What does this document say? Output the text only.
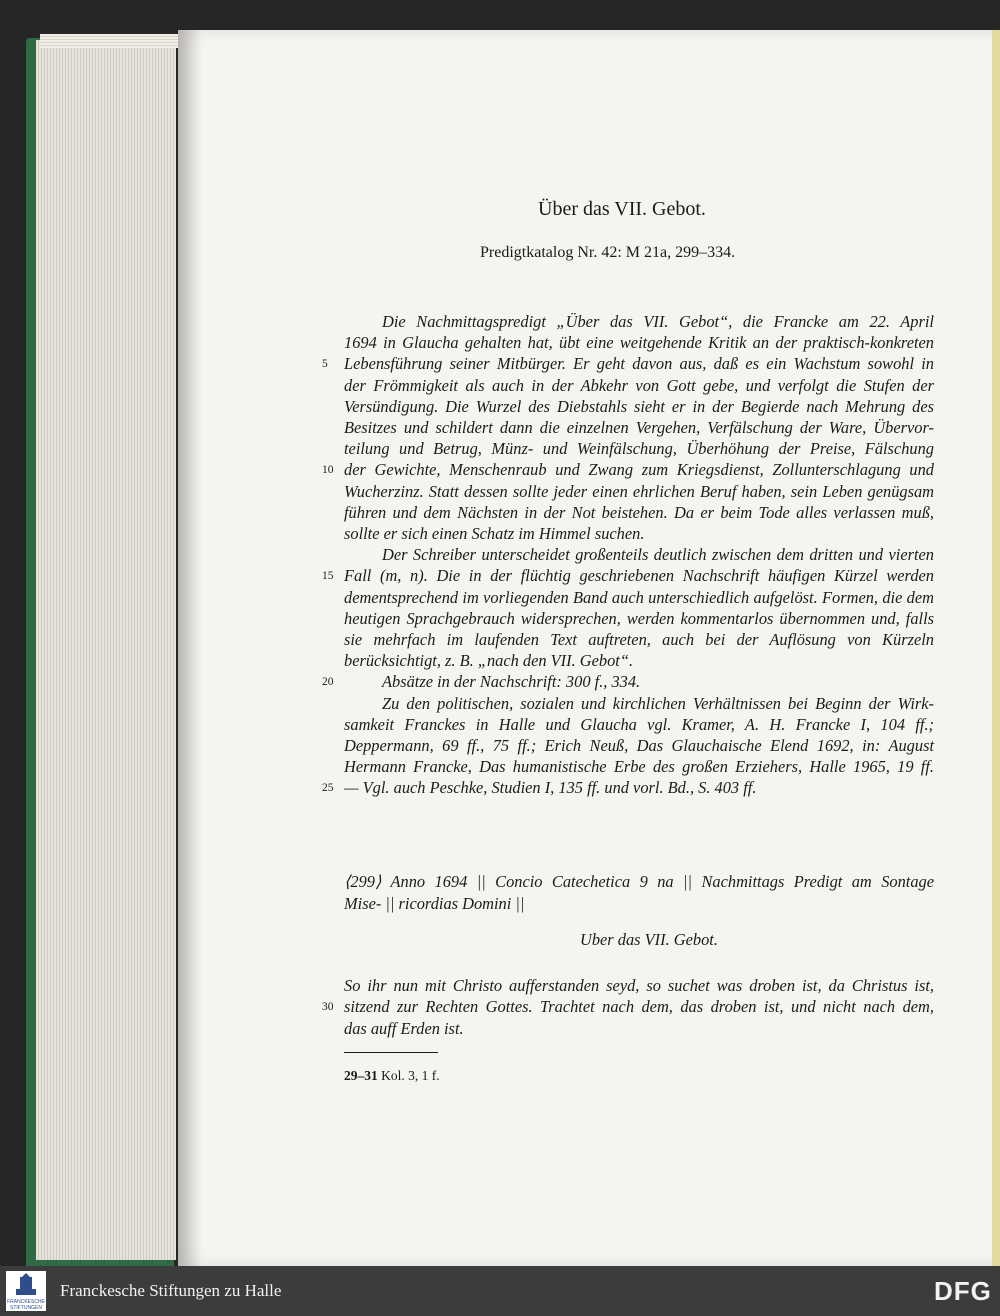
Über das VII. Gebot.
Predigtkatalog Nr. 42: M 21a, 299–334.
Die Nachmittagspredigt „Über das VII. Gebot“, die Francke am 22. April
1694 in Glaucha gehalten hat, übt eine weitgehende Kritik an der praktisch-konkreten
Lebensführung seiner Mitbürger. Er geht davon aus, daß es ein Wachstum sowohl in
5
der Frömmigkeit als auch in der Abkehr von Gott gebe, und verfolgt die Stufen der
Versündigung. Die Wurzel des Diebstahls sieht er in der Begierde nach Mehrung des
Besitzes und schildert dann die einzelnen Vergehen, Verfälschung der Ware, Übervor-
teilung und Betrug, Münz- und Weinfälschung, Überhöhung der Preise, Fälschung
der Gewichte, Menschenraub und Zwang zum Kriegsdienst, Zollunterschlagung und
10
Wucherzinz. Statt dessen sollte jeder einen ehrlichen Beruf haben, sein Leben genügsam
führen und dem Nächsten in der Not beistehen. Da er beim Tode alles verlassen muß,
sollte er sich einen Schatz im Himmel suchen.
Der Schreiber unterscheidet großenteils deutlich zwischen dem dritten und vierten
Fall (m, n). Die in der flüchtig geschriebenen Nachschrift häufigen Kürzel werden
15
dementsprechend im vorliegenden Band auch unterschiedlich aufgelöst. Formen, die dem
heutigen Sprachgebrauch widersprechen, werden kommentarlos übernommen und, falls
sie mehrfach im laufenden Text auftreten, auch bei der Auflösung von Kürzeln
berücksichtigt, z. B. „nach den VII. Gebot“.
Absätze in der Nachschrift: 300 f., 334.
20
Zu den politischen, sozialen und kirchlichen Verhältnissen bei Beginn der Wirk-
samkeit Franckes in Halle und Glaucha vgl. Kramer, A. H. Francke I, 104 ff.;
Deppermann, 69 ff., 75 ff.; Erich Neuß, Das Glauchaische Elend 1692, in: August
Hermann Francke, Das humanistische Erbe des großen Erziehers, Halle 1965, 19 ff.
— Vgl. auch Peschke, Studien I, 135 ff. und vorl. Bd., S. 403 ff.
25
⟨299⟩ Anno 1694 || Concio Catechetica 9 na || Nachmittags Predigt am Sontage
Mise- || ricordias Domini ||
Uber das VII. Gebot.
So ihr nun mit Christo aufferstanden seyd, so suchet was droben ist, da Christus ist,
sitzend zur Rechten Gottes. Trachtet nach dem, das droben ist, und nicht nach dem,
30
das auff Erden ist.
29–31 Kol. 3, 1 f.
FRANCKESCHE
STIFTUNGEN
Franckesche Stiftungen zu Halle	DFG
